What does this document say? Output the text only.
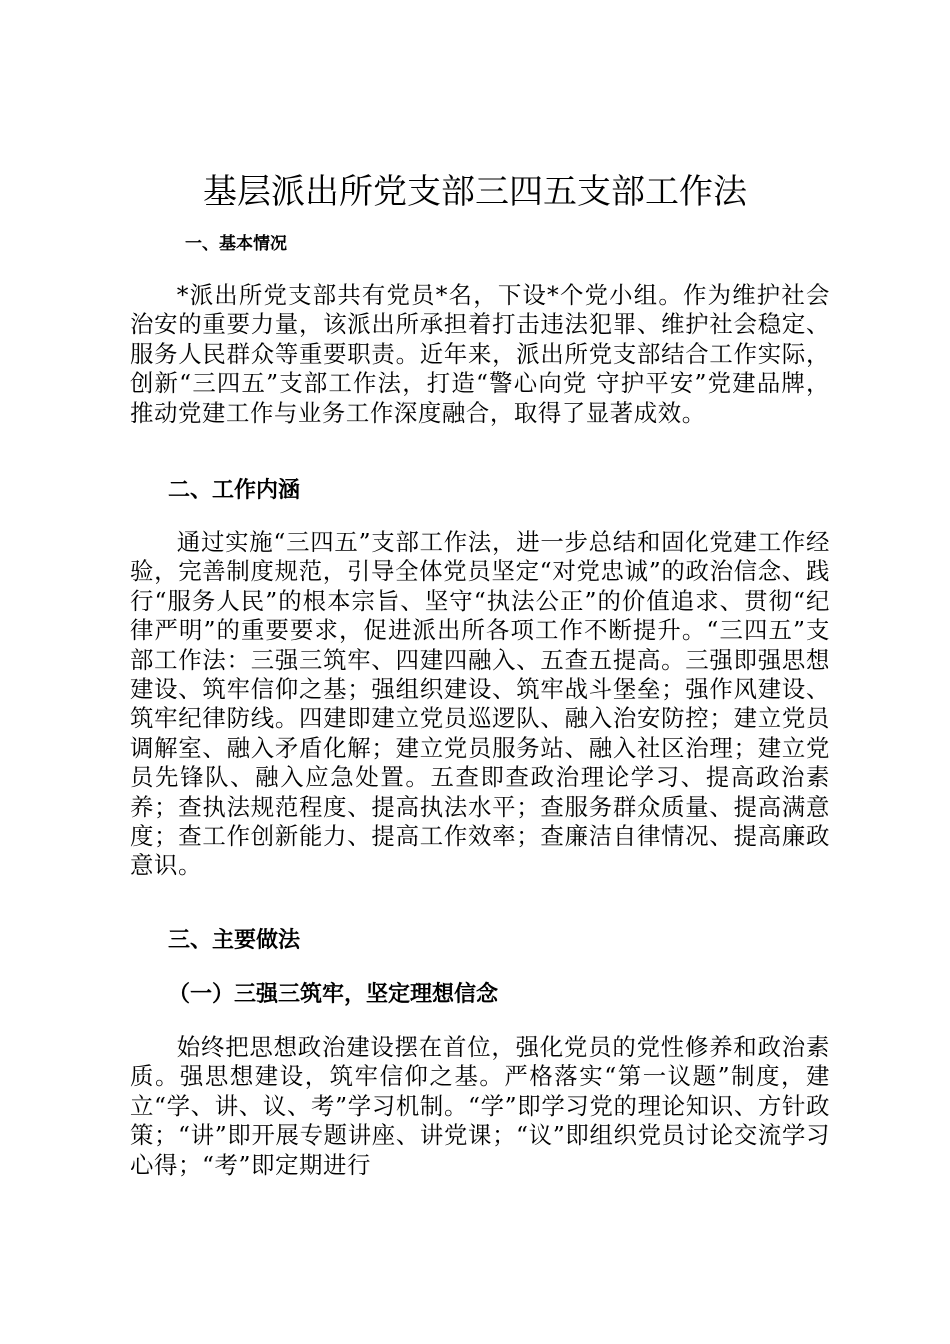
基层派出所党支部三四五支部工作法
一、基本情况

*派出所党支部共有党员*名，下设*个党小组。作为维护社会治安的重要力量，该派出所承担着打击违法犯罪、维护社会稳定、服务人民群众等重要职责。近年来，派出所党支部结合工作实际，创新“三四五”支部工作法，打造“警心向党 守护平安”党建品牌，推动党建工作与业务工作深度融合，取得了显著成效。

二、工作内涵

通过实施“三四五”支部工作法，进一步总结和固化党建工作经验，完善制度规范，引导全体党员坚定“对党忠诚”的政治信念、践行“服务人民”的根本宗旨、坚守“执法公正”的价值追求、贯彻“纪律严明”的重要要求，促进派出所各项工作不断提升。“三四五”支部工作法：三强三筑牢、四建四融入、五查五提高。三强即强思想建设、筑牢信仰之基；强组织建设、筑牢战斗堡垒；强作风建设、筑牢纪律防线。四建即建立党员巡逻队、融入治安防控；建立党员调解室、融入矛盾化解；建立党员服务站、融入社区治理；建立党员先锋队、融入应急处置。五查即查政治理论学习、提高政治素养；查执法规范程度、提高执法水平；查服务群众质量、提高满意度；查工作创新能力、提高工作效率；查廉洁自律情况、提高廉政意识。

三、主要做法
（一）三强三筑牢，坚定理想信念

始终把思想政治建设摆在首位，强化党员的党性修养和政治素质。强思想建设，筑牢信仰之基。严格落实“第一议题”制度，建立“学、讲、议、考”学习机制。“学”即学习党的理论知识、方针政策；“讲”即开展专题讲座、讲党课；“议”即组织党员讨论交流学习心得；“考”即定期进行
